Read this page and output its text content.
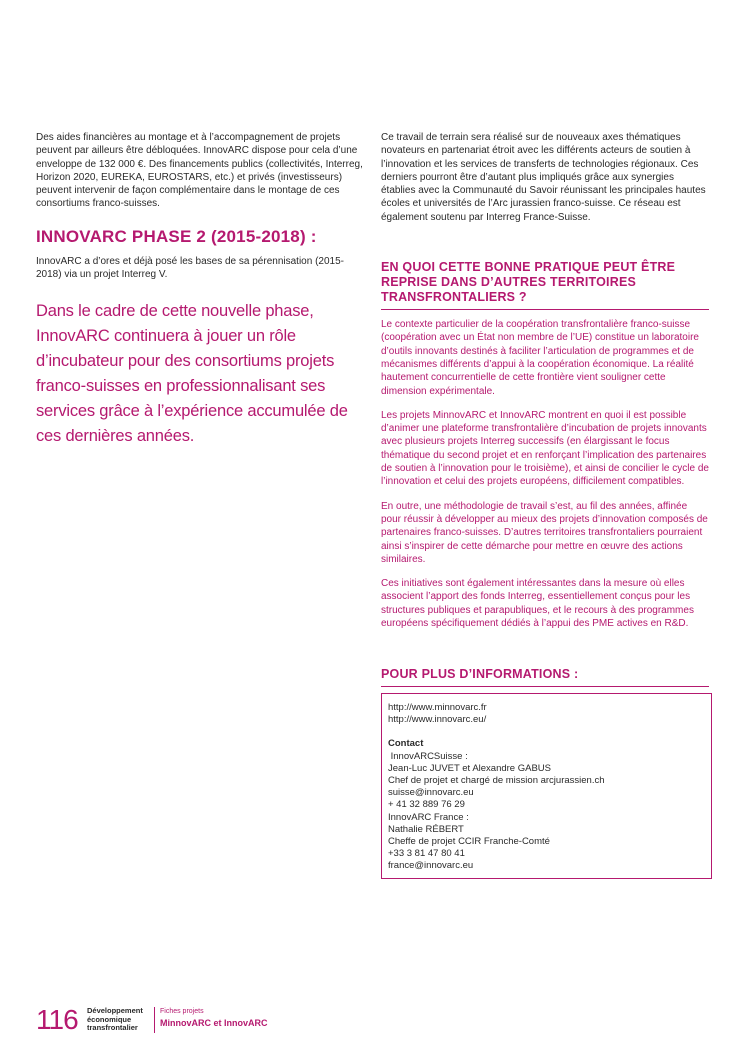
Des aides financières au montage et à l’accompagnement de projets peuvent par ailleurs être débloquées. InnovARC dispose pour cela d’une enveloppe de 132 000 €. Des financements publics (collectivités, Interreg, Horizon 2020, EUREKA, EUROSTARS, etc.) et privés (investisseurs) peuvent intervenir de façon complémentaire dans le montage de ces consortiums franco-suisses.

INNOVARC PHASE 2 (2015-2018) :

InnovARC a d’ores et déjà posé les bases de sa pérennisation (2015-2018) via un projet Interreg V.

Dans le cadre de cette nouvelle phase, InnovARC continuera à jouer un rôle d’incubateur pour des consortiums projets franco-suisses en professionnalisant ses services grâce à l’expérience accumulée de ces dernières années.

Ce travail de terrain sera réalisé sur de nouveaux axes thématiques novateurs en partenariat étroit avec les différents acteurs de soutien à l’innovation et les services de transferts de technologies régionaux. Ces derniers pourront être d’autant plus impliqués grâce aux synergies établies avec la Communauté du Savoir réunissant les principales hautes écoles et universités de l’Arc jurassien franco-suisse. Ce réseau est également soutenu par Interreg France-Suisse.

EN QUOI CETTE BONNE PRATIQUE PEUT ÊTRE REPRISE DANS D’AUTRES TERRITOIRES TRANSFRONTALIERS ?

Le contexte particulier de la coopération transfrontalière franco-suisse (coopération avec un État non membre de l’UE) constitue un laboratoire d’outils innovants destinés à faciliter l’articulation de programmes et de mécanismes différents d’appui à la coopération économique. La réalité hautement concurrentielle de cette frontière vient souligner cette dimension expérimentale.

Les projets MinnovARC et InnovARC montrent en quoi il est possible d’animer une plateforme transfrontalière d’incubation de projets innovants avec plusieurs projets Interreg successifs (en élargissant le focus thématique du second projet et en renforçant l’implication des partenaires de soutien à l’innovation pour le troisième), et ainsi de concilier le cycle de l’innovation et celui des projets européens, difficilement compatibles.

En outre, une méthodologie de travail s’est, au fil des années, affinée pour réussir à développer au mieux des projets d’innovation composés de partenaires franco-suisses. D’autres territoires transfrontaliers pourraient ainsi s’inspirer de cette démarche pour mettre en œuvre des actions similaires.

Ces initiatives sont également intéressantes dans la mesure où elles associent l’apport des fonds Interreg, essentiellement conçus pour les structures publiques et parapubliques, et le recours à des programmes européens spécifiquement dédiés à l’appui des PME actives en R&D.

POUR PLUS D’INFORMATIONS :
http://www.minnovarc.fr
http://www.innovarc.eu/
Contact
InnovARCSuisse :
Jean-Luc JUVET et Alexandre GABUS
Chef de projet et chargé de mission arcjurassien.ch
suisse@innovarc.eu
+ 41 32 889 76 29
InnovARC France :
Nathalie RÉBERT
Cheffe de projet CCIR Franche-Comté
+33 3 81 47 80 41
france@innovarc.eu
116 Développement
économique
transfrontalier
Fiches projets
MinnovARC et InnovARC
